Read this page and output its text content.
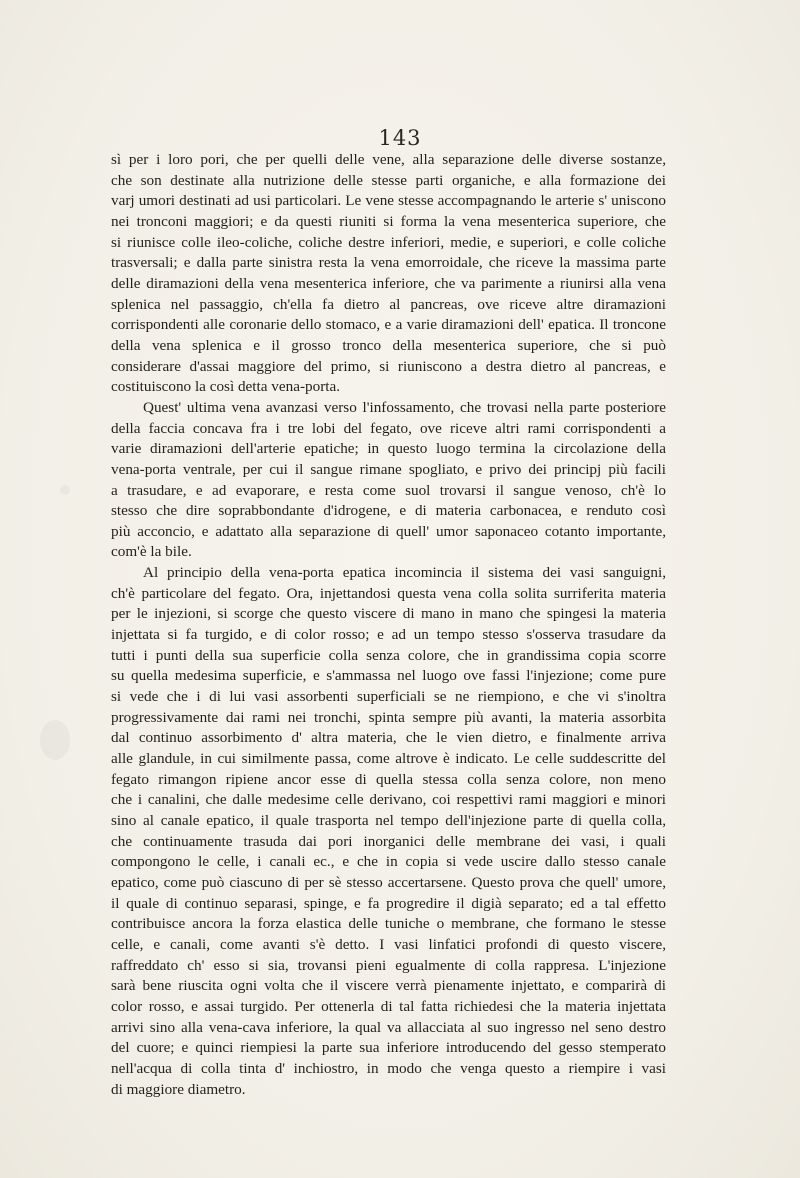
143
sì per i loro pori, che per quelli delle vene, alla separazione delle diverse sostanze,
che son destinate alla nutrizione delle stesse parti organiche, e alla formazione dei
varj umori destinati ad usi particolari. Le vene stesse accompagnando le arterie s' uniscono
nei tronconi maggiori; e da questi riuniti si forma la vena mesenterica superiore, che
si riunisce colle ileo-coliche, coliche destre inferiori, medie, e superiori, e colle coliche
trasversali; e dalla parte sinistra resta la vena emorroidale, che riceve la massima parte
delle diramazioni della vena mesenterica inferiore, che va parimente a riunirsi alla vena
splenica nel passaggio, ch'ella fa dietro al pancreas, ove riceve altre diramazioni
corrispondenti alle coronarie dello stomaco, e a varie diramazioni dell' epatica. Il troncone
della vena splenica e il grosso tronco della mesenterica superiore, che si può
considerare d'assai maggiore del primo, si riuniscono a destra dietro al pancreas, e
costituiscono la così detta vena-porta.
Quest' ultima vena avanzasi verso l'infossamento, che trovasi nella parte posteriore
della faccia concava fra i tre lobi del fegato, ove riceve altri rami corrispondenti a
varie diramazioni dell'arterie epatiche; in questo luogo termina la circolazione della
vena-porta ventrale, per cui il sangue rimane spogliato, e privo dei principj più facili
a trasudare, e ad evaporare, e resta come suol trovarsi il sangue venoso, ch'è lo
stesso che dire soprabbondante d'idrogene, e di materia carbonacea, e renduto così
più acconcio, e adattato alla separazione di quell' umor saponaceo cotanto importante,
com'è la bile.
Al principio della vena-porta epatica incomincia il sistema dei vasi sanguigni,
ch'è particolare del fegato. Ora, injettandosi questa vena colla solita surriferita materia
per le injezioni, si scorge che questo viscere di mano in mano che spingesi la materia
injettata si fa turgido, e di color rosso; e ad un tempo stesso s'osserva trasudare da
tutti i punti della sua superficie colla senza colore, che in grandissima copia scorre
su quella medesima superficie, e s'ammassa nel luogo ove fassi l'injezione; come pure
si vede che i di lui vasi assorbenti superficiali se ne riempiono, e che vi s'inoltra
progressivamente dai rami nei tronchi, spinta sempre più avanti, la materia assorbita
dal continuo assorbimento d' altra materia, che le vien dietro, e finalmente arriva
alle glandule, in cui similmente passa, come altrove è indicato. Le celle suddescritte del
fegato rimangon ripiene ancor esse di quella stessa colla senza colore, non meno
che i canalini, che dalle medesime celle derivano, coi respettivi rami maggiori e minori
sino al canale epatico, il quale trasporta nel tempo dell'injezione parte di quella colla,
che continuamente trasuda dai pori inorganici delle membrane dei vasi, i quali
compongono le celle, i canali ec., e che in copia si vede uscire dallo stesso canale
epatico, come può ciascuno di per sè stesso accertarsene. Questo prova che quell' umore,
il quale di continuo separasi, spinge, e fa progredire il digià separato; ed a tal effetto
contribuisce ancora la forza elastica delle tuniche o membrane, che formano le stesse
celle, e canali, come avanti s'è detto. I vasi linfatici profondi di questo viscere,
raffreddato ch' esso si sia, trovansi pieni egualmente di colla rappresa. L'injezione
sarà bene riuscita ogni volta che il viscere verrà pienamente injettato, e comparirà di
color rosso, e assai turgido. Per ottenerla di tal fatta richiedesi che la materia injettata
arrivi sino alla vena-cava inferiore, la qual va allacciata al suo ingresso nel seno destro
del cuore; e quinci riempiesi la parte sua inferiore introducendo del gesso stemperato
nell'acqua di colla tinta d' inchiostro, in modo che venga questo a riempire i vasi
di maggiore diametro.
